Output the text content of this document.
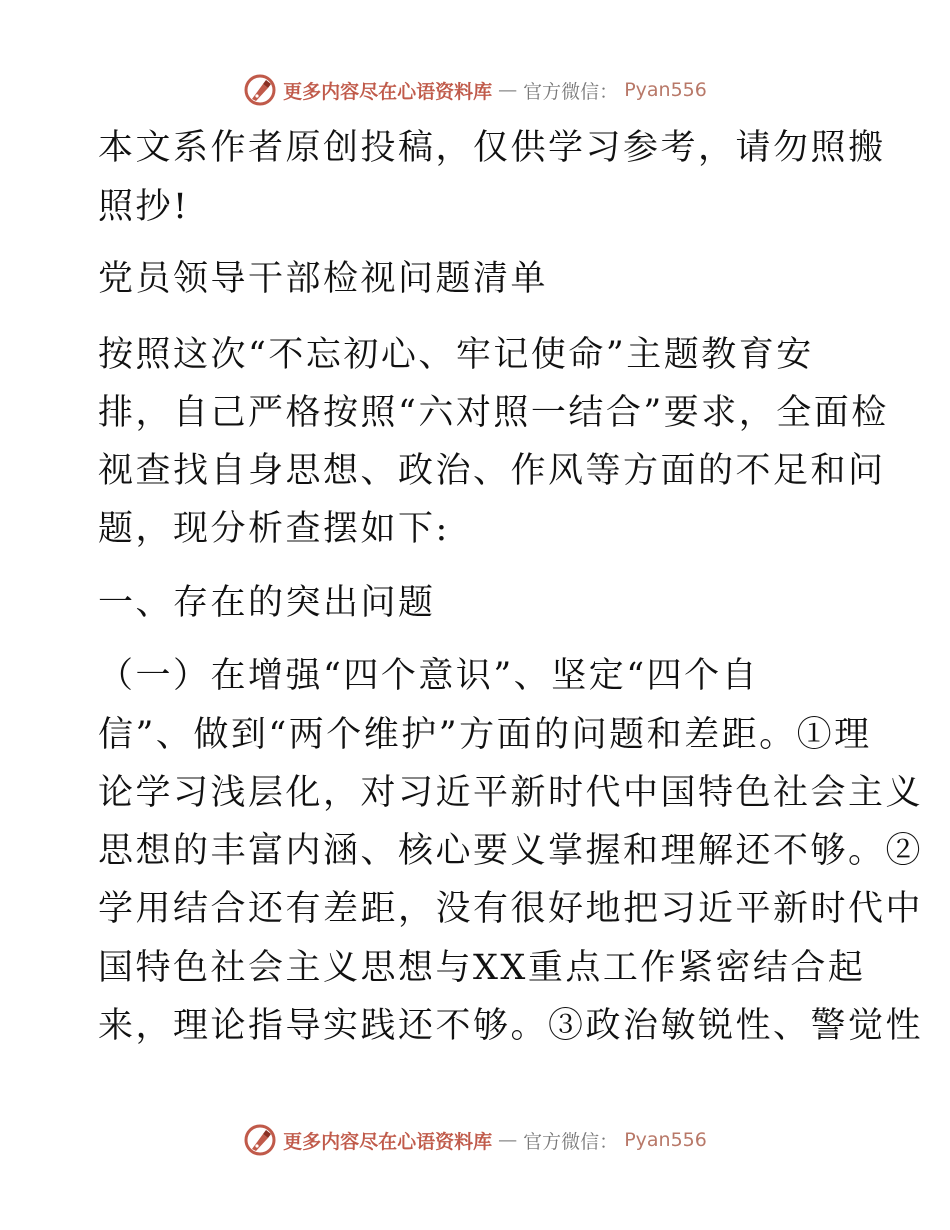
更多内容尽在心语资料库 — 官方微信： Pyan556
本文系作者原创投稿，仅供学习参考，请勿照搬
照抄!
党员领导干部检视问题清单
按照这次“不忘初心、牢记使命”主题教育安
排，自己严格按照“六对照一结合”要求，全面检
视查找自身思想、政治、作风等方面的不足和问
题，现分析查摆如下:
一、存在的突出问题
（一）在增强“四个意识”、坚定“四个自
信”、做到“两个维护”方面的问题和差距。①理
论学习浅层化，对习近平新时代中国特色社会主义
思想的丰富内涵、核心要义掌握和理解还不够。②
学用结合还有差距，没有很好地把习近平新时代中
国特色社会主义思想与XX重点工作紧密结合起
来，理论指导实践还不够。③政治敏锐性、警觉性
更多内容尽在心语资料库 — 官方微信： Pyan556
